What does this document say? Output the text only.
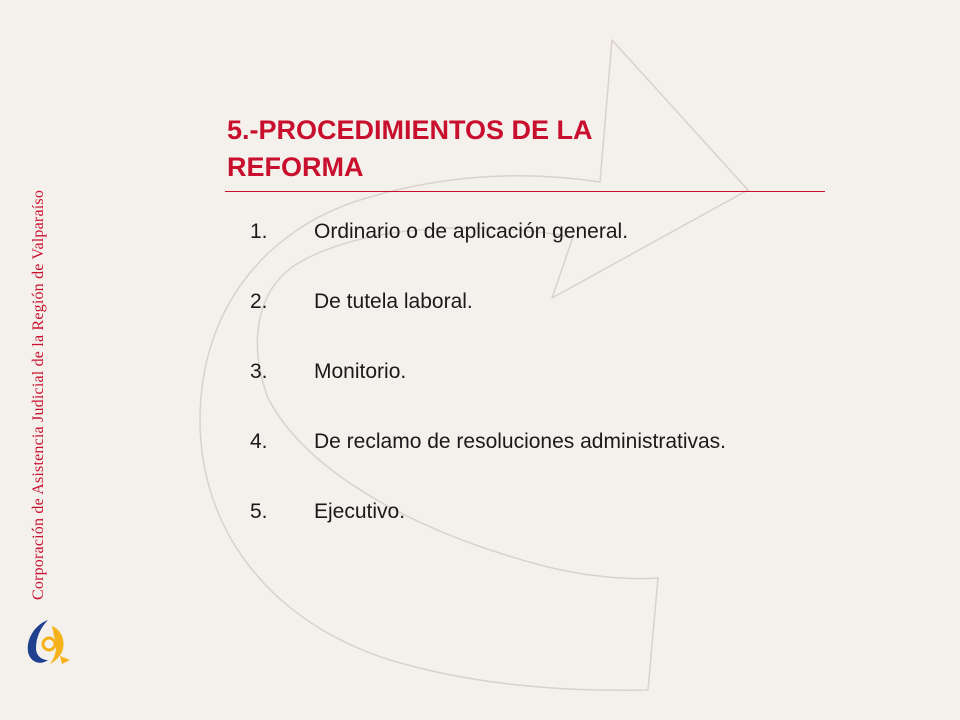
Corporación de Asistencia Judicial de la Región de Valparaíso
5.-PROCEDIMIENTOS DE LA
REFORMA
1.	Ordinario o de aplicación general.
2.	De tutela laboral.
3.	Monitorio.
4.	De reclamo de resoluciones administrativas.
5.	Ejecutivo.
